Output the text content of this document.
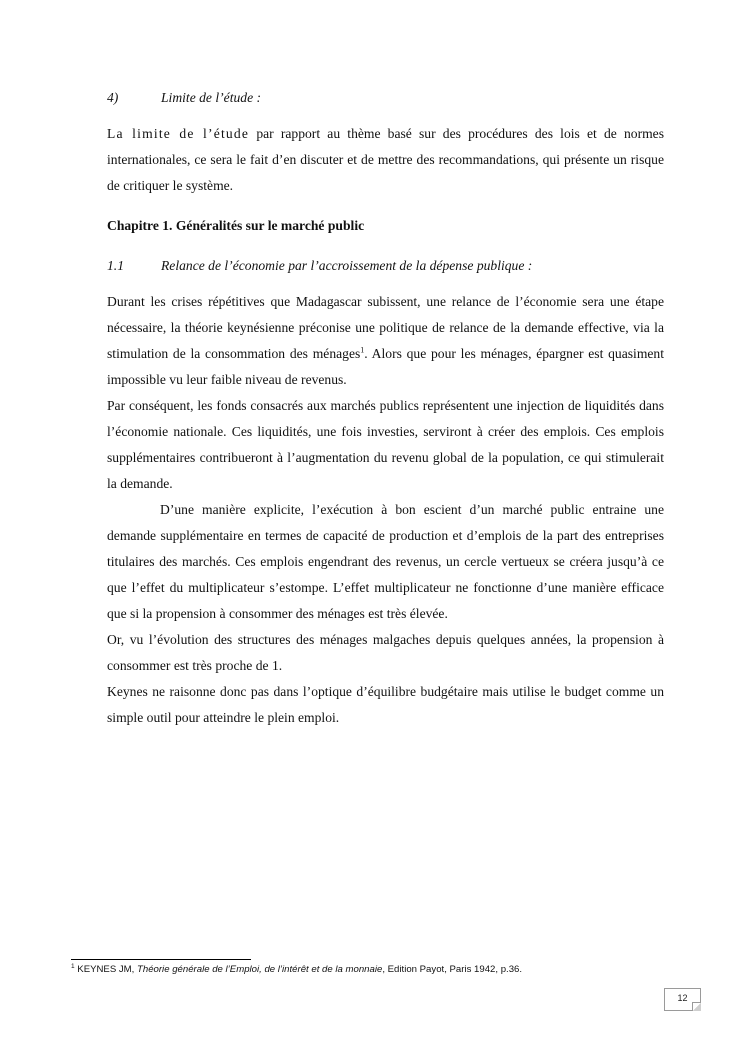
4)	Limite de l’étude :

La limite de l’étude par rapport au thème basé sur des procédures des lois et de normes internationales, ce sera le fait d’en discuter et de mettre des recommandations, qui présente un risque de critiquer le système.

Chapitre 1. Généralités sur le marché public
1.1	Relance de l’économie par l’accroissement de la dépense publique :

Durant les crises répétitives que Madagascar subissent, une relance de l’économie sera une étape nécessaire, la théorie keynésienne préconise une politique de relance de la demande effective, via la stimulation de la consommation des ménages$^1$. Alors que pour les ménages, épargner est quasiment impossible vu leur faible niveau de revenus.

Par conséquent, les fonds consacrés aux marchés publics représentent une injection de liquidités dans l’économie nationale. Ces liquidités, une fois investies, serviront à créer des emplois. Ces emplois supplémentaires contribueront à l’augmentation du revenu global de la population, ce qui stimulerait la demande.

D’une manière explicite, l’exécution à bon escient d’un marché public entraine une demande supplémentaire en termes de capacité de production et d’emplois de la part des entreprises titulaires des marchés. Ces emplois engendrant des revenus, un cercle vertueux se créera jusqu’à ce que l’effet du multiplicateur s’estompe. L’effet multiplicateur ne fonctionne d’une manière efficace que si la propension à consommer des ménages est très élevée.

Or, vu l’évolution des structures des ménages malgaches depuis quelques années, la propension à consommer est très proche de 1.

Keynes ne raisonne donc pas dans l’optique d’équilibre budgétaire mais utilise le budget comme un simple outil pour atteindre le plein emploi.

$^1$ KEYNES JM, Théorie générale de l’Emploi, de l’intérêt et de la monnaie, Edition Payot, Paris 1942, p.36.
12
